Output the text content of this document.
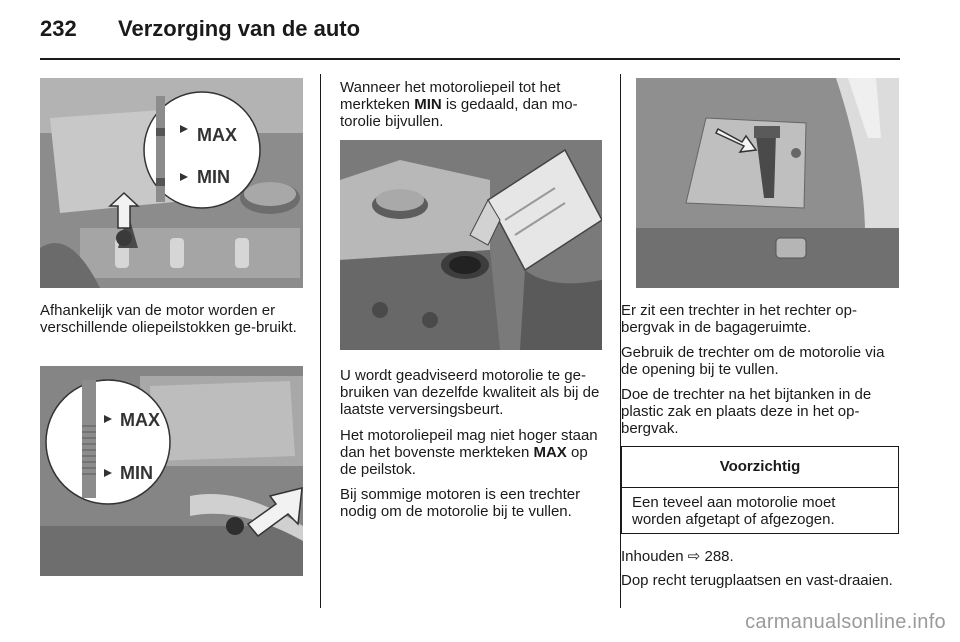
232 Verzorging van de auto
MAX
MIN

Afhankelijk van de motor worden er verschillende oliepeilstokken ge-bruikt.

MAX
MIN

Wanneer het motoroliepeil tot het merkteken MIN is gedaald, dan mo-torolie bijvullen.

U wordt geadviseerd motorolie te ge-bruiken van dezelfde kwaliteit als bij de laatste verversingsbeurt.

Het motoroliepeil mag niet hoger staan dan het bovenste merkteken MAX op de peilstok.

Bij sommige motoren is een trechter nodig om de motorolie bij te vullen.

Er zit een trechter in het rechter op-bergvak in de bagageruimte.

Gebruik de trechter om de motorolie via de opening bij te vullen.

Doe de trechter na het bijtanken in de plastic zak en plaats deze in het op-bergvak.

Voorzichtig
Een teveel aan motorolie moet worden afgetapt of afgezogen.

Inhouden ⇨ 288.

Dop recht terugplaatsen en vast-draaien.

carmanualsonline.info
